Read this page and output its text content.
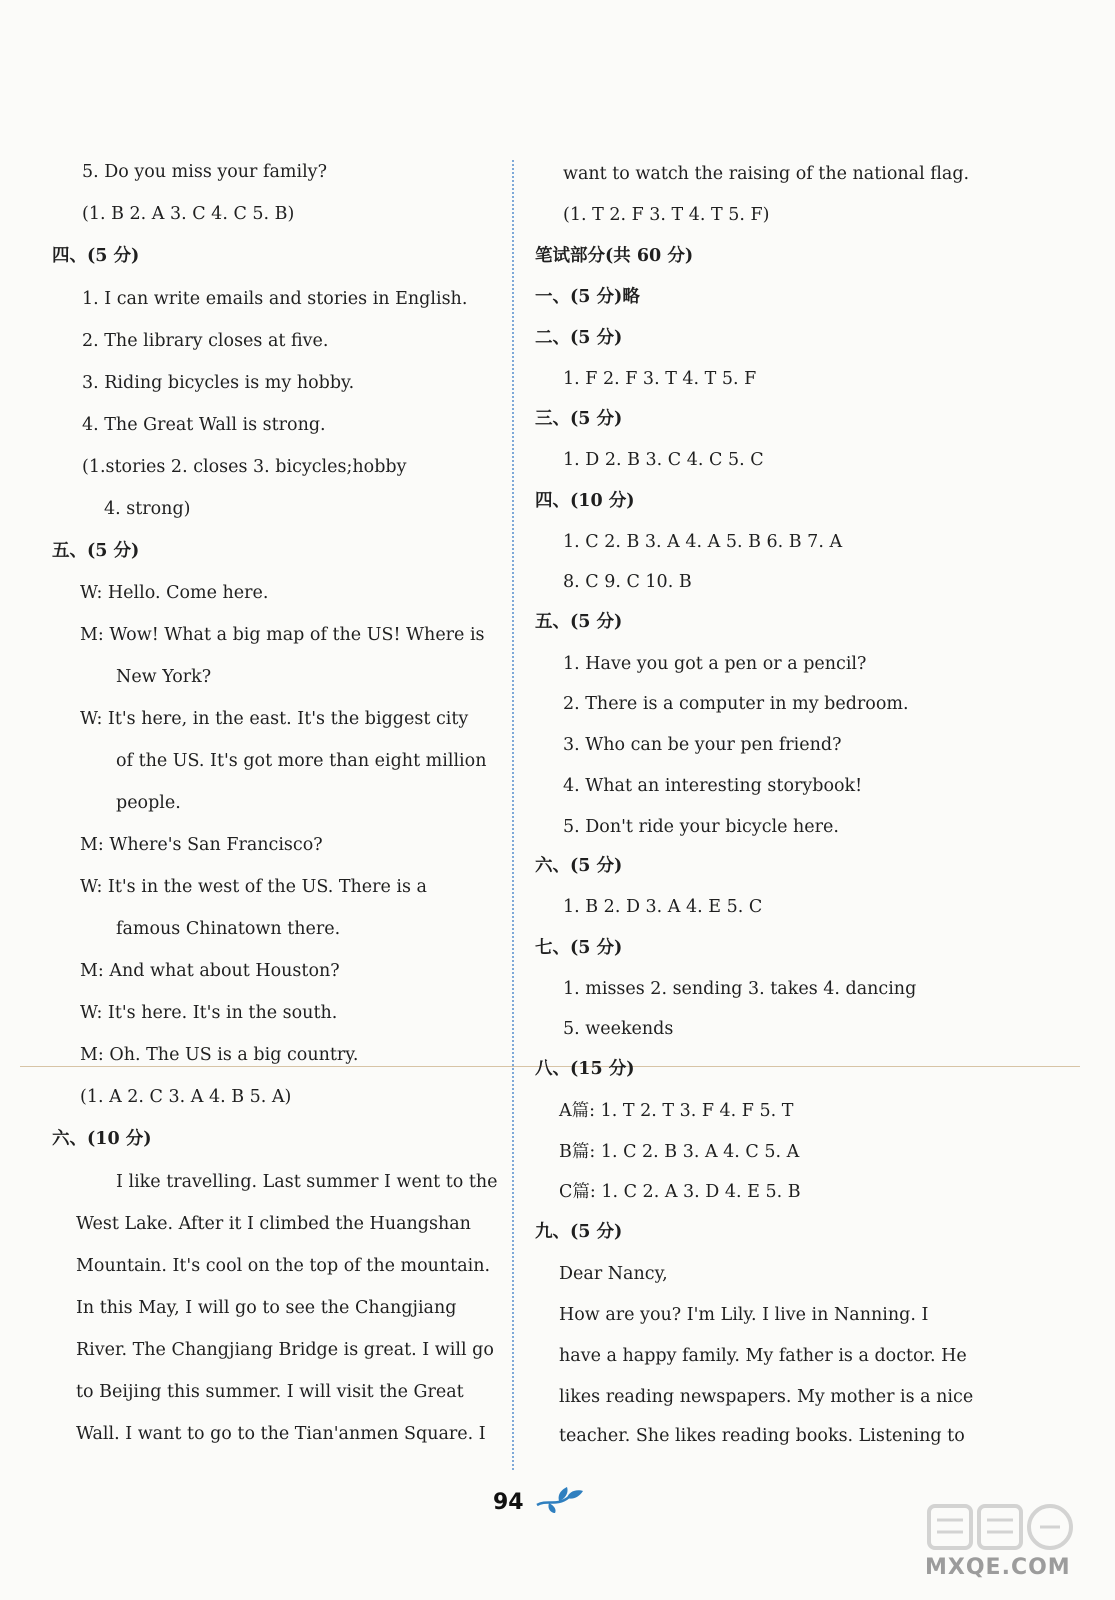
5. Do you miss your family?
(1. B 2. A 3. C 4. C 5. B)
四、(5 分)
1. I can write emails and stories in English.
2. The library closes at five.
3. Riding bicycles is my hobby.
4. The Great Wall is strong.
(1.stories 2. closes 3. bicycles;hobby
4. strong)
五、(5 分)
W: Hello. Come here.
M: Wow! What a big map of the US! Where is
New York?
W: It's here, in the east. It's the biggest city
of the US. It's got more than eight million
people.
M: Where's San Francisco?
W: It's in the west of the US. There is a
famous Chinatown there.
M: And what about Houston?
W: It's here. It's in the south.
M: Oh. The US is a big country.
(1. A 2. C 3. A 4. B 5. A)
六、(10 分)
I like travelling. Last summer I went to the
West Lake. After it I climbed the Huangshan
Mountain. It's cool on the top of the mountain.
In this May, I will go to see the Changjiang
River. The Changjiang Bridge is great. I will go
to Beijing this summer. I will visit the Great
Wall. I want to go to the Tian'anmen Square. I
want to watch the raising of the national flag.
(1. T 2. F 3. T 4. T 5. F)
笔试部分(共 60 分)
一、(5 分)略
二、(5 分)
1. F 2. F 3. T 4. T 5. F
三、(5 分)
1. D 2. B 3. C 4. C 5. C
四、(10 分)
1. C 2. B 3. A 4. A 5. B 6. B 7. A
8. C 9. C 10. B
五、(5 分)
1. Have you got a pen or a pencil?
2. There is a computer in my bedroom.
3. Who can be your pen friend?
4. What an interesting storybook!
5. Don't ride your bicycle here.
六、(5 分)
1. B 2. D 3. A 4. E 5. C
七、(5 分)
1. misses 2. sending 3. takes 4. dancing
5. weekends
八、(15 分)
A篇: 1. T 2. T 3. F 4. F 5. T
B篇: 1. C 2. B 3. A 4. C 5. A
C篇: 1. C 2. A 3. D 4. E 5. B
九、(5 分)
Dear Nancy,
How are you? I'm Lily. I live in Nanning. I
have a happy family. My father is a doctor. He
likes reading newspapers. My mother is a nice
teacher. She likes reading books. Listening to
94
MXQE.COM
